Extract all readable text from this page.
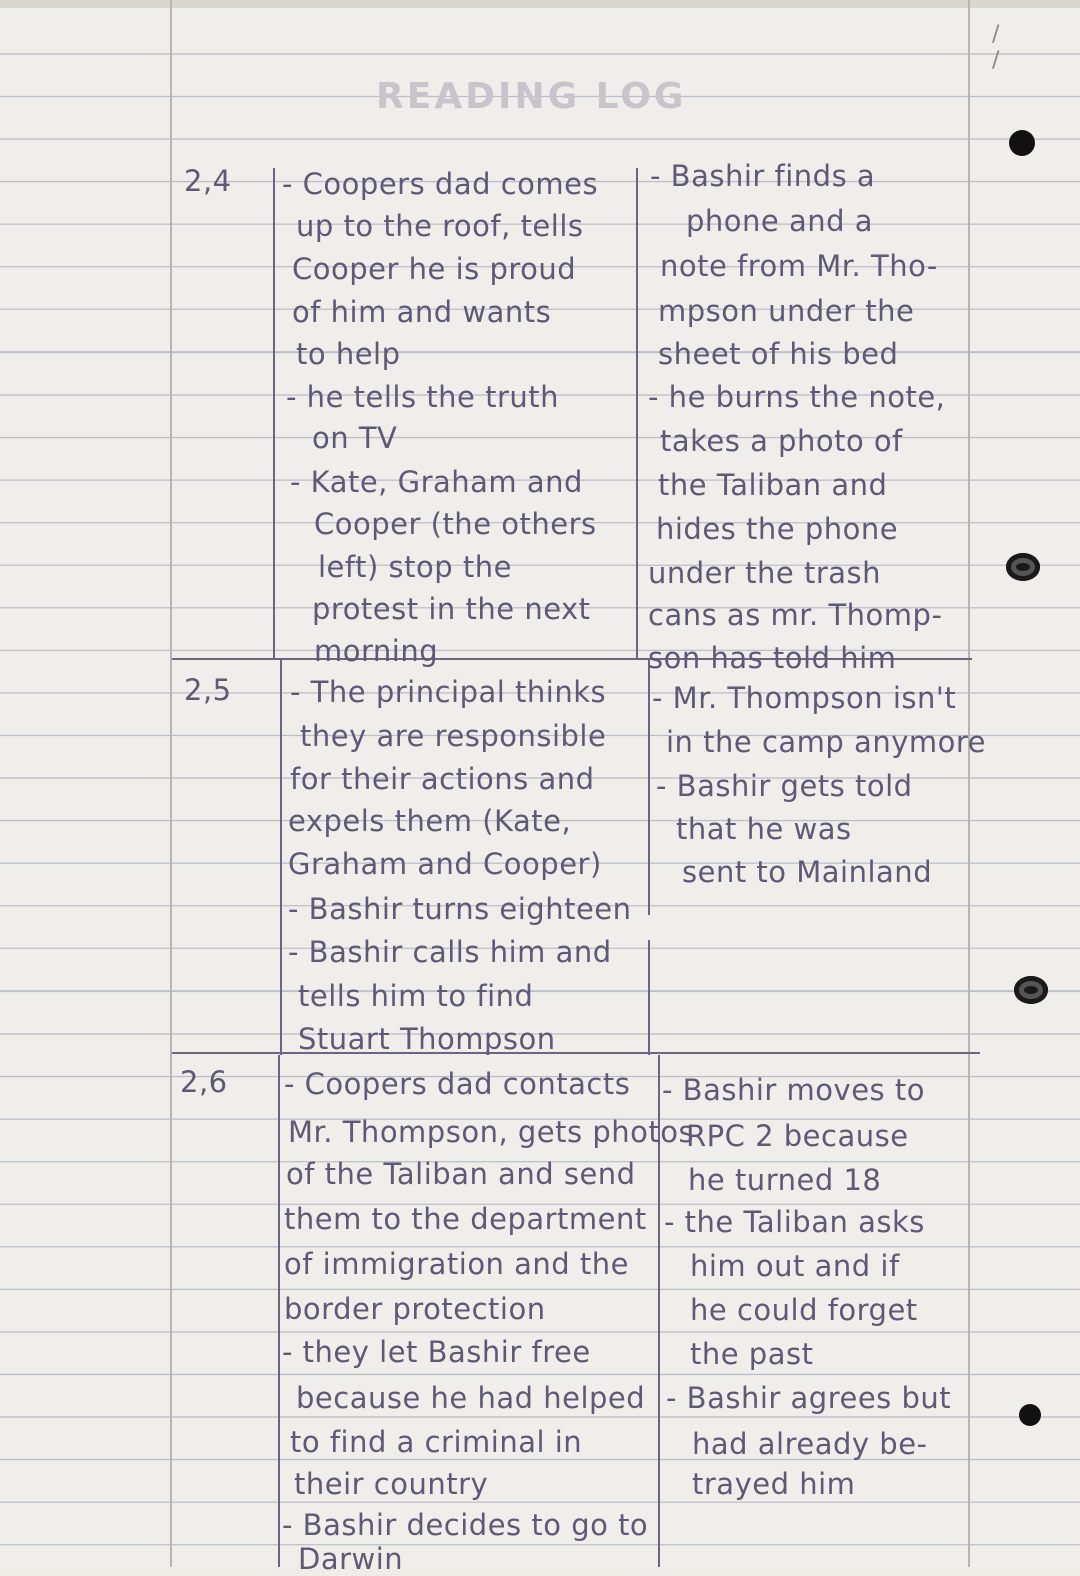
READING LOG
/
/
2,4 - Coopers dad comes
up to the roof, tells
Cooper he is proud
of him and wants
to help
- he tells the truth
on TV
- Kate, Graham and
Cooper (the others
left) stop the
protest in the next
morning
- Bashir finds a
phone and a
note from Mr. Tho-
mpson under the
sheet of his bed
- he burns the note,
takes a photo of
the Taliban and
hides the phone
under the trash
cans as mr. Thomp-
son has told him
2,5 - The principal thinks
they are responsible
for their actions and
expels them (Kate,
Graham and Cooper)
- Bashir turns eighteen
- Bashir calls him and
tells him to find
Stuart Thompson
- Mr. Thompson isn't
in the camp anymore
- Bashir gets told
that he was
sent to Mainland
2,6 - Coopers dad contacts
Mr. Thompson, gets photos
of the Taliban and send
them to the department
of immigration and the
border protection
- they let Bashir free
because he had helped
to find a criminal in
their country
- Bashir decides to go to
Darwin
- Bashir moves to
RPC 2 because
he turned 18
- the Taliban asks
him out and if
he could forget
the past
- Bashir agrees but
had already be-
trayed him
